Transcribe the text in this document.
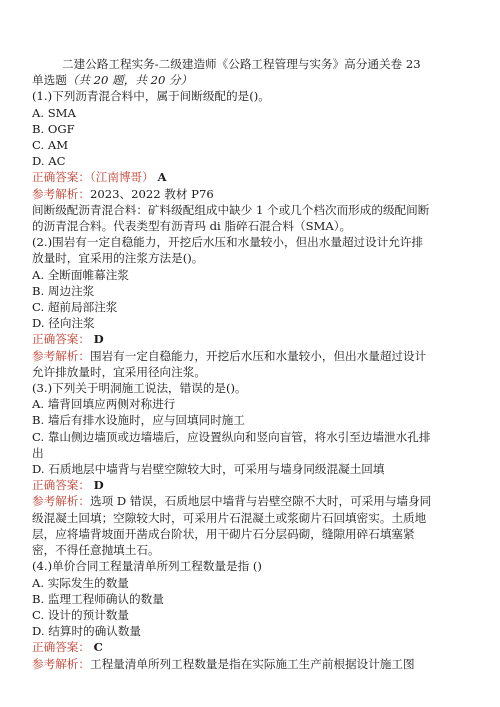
二建公路工程实务-二级建造师《公路工程管理与实务》高分通关卷 23

单选题（共 20 题，共 20 分）

(1.)下列沥青混合料中，属于间断级配的是()。

A. SMA

B. OGF

C. AM

D. AC

正确答案：（江南博哥） A

参考解析：2023、2022 教材 P76

间断级配沥青混合料：矿料级配组成中缺少 1 个或几个档次而形成的级配间断

的沥青混合料。代表类型有沥青玛 di 脂碎石混合料（SMA）。

(2.)围岩有一定自稳能力，开挖后水压和水量较小，但出水量超过设计允许排

放量时，宜采用的注浆方法是()。

A. 全断面帷幕注浆

B. 周边注浆

C. 超前局部注浆

D. 径向注浆

正确答案： D

参考解析：围岩有一定自稳能力，开挖后水压和水量较小，但出水量超过设计

允许排放量时，宜采用径向注浆。

(3.)下列关于明洞施工说法，错误的是()。

A. 墙背回填应两侧对称进行

B. 墙后有排水设施时，应与回填同时施工

C. 靠山侧边墙顶或边墙墙后，应设置纵向和竖向盲管，将水引至边墙泄水孔排

出

D. 石质地层中墙背与岩壁空隙较大时，可采用与墙身同级混凝土回填

正确答案： D

参考解析：选项 D 错误，石质地层中墙背与岩壁空隙不大时，可采用与墙身同

级混凝土回填；空隙较大时，可采用片石混凝土或浆砌片石回填密实。土质地

层，应将墙背坡面开凿成台阶状，用干砌片石分层码砌，缝隙用碎石填塞紧

密，不得任意抛填土石。

(4.)单价合同工程量清单所列工程数量是指 ()

A. 实际发生的数量

B. 监理工程师确认的数量

C. 设计的预计数量

D. 结算时的确认数量

正确答案： C

参考解析：工程量清单所列工程数量是指在实际施工生产前根据设计施工图
